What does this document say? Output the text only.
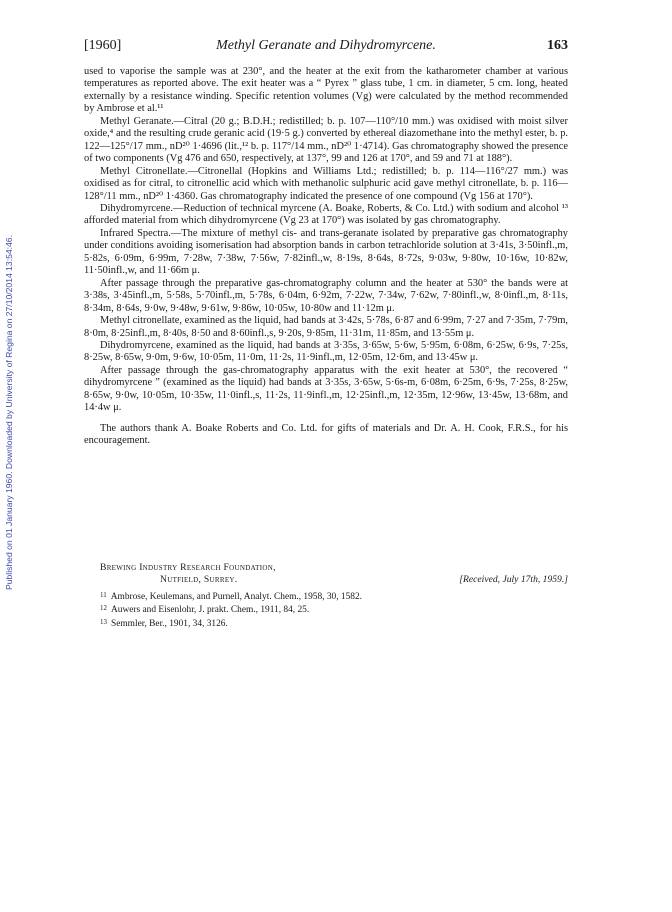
Published on 01 January 1960. Downloaded by University of Regina on 27/10/2014 13:54:46.
[1960]	Methyl Geranate and Dihydromyrcene.	163

used to vaporise the sample was at 230°, and the heater at the exit from the katharometer chamber at various temperatures as reported above. The exit heater was a “ Pyrex ” glass tube, 1 cm. in diameter, 5 cm. long, heated externally by a resistance winding. Specific retention volumes (Vg) were calculated by the method recommended by Ambrose et al.¹¹

Methyl Geranate.—Citral (20 g.; B.D.H.; redistilled; b. p. 107—110°/10 mm.) was oxidised with moist silver oxide,⁴ and the resulting crude geranic acid (19·5 g.) converted by ethereal diazomethane into the methyl ester, b. p. 122—125°/17 mm., nD²⁰ 1·4696 (lit.,¹² b. p. 117°/14 mm., nD²⁰ 1·4714). Gas chromatography showed the presence of two components (Vg 476 and 650, respectively, at 137°, 99 and 126 at 170°, and 59 and 71 at 188°).

Methyl Citronellate.—Citronellal (Hopkins and Williams Ltd.; redistilled; b. p. 114—116°/27 mm.) was oxidised as for citral, to citronellic acid which with methanolic sulphuric acid gave methyl citronellate, b. p. 116—128°/11 mm., nD²⁰ 1·4360. Gas chromatography indicated the presence of one compound (Vg 156 at 170°).

Dihydromyrcene.—Reduction of technical myrcene (A. Boake, Roberts, & Co. Ltd.) with sodium and alcohol ¹³ afforded material from which dihydromyrcene (Vg 23 at 170°) was isolated by gas chromatography.

Infrared Spectra.—The mixture of methyl cis- and trans-geranate isolated by preparative gas chromatography under conditions avoiding isomerisation had absorption bands in carbon tetrachloride solution at 3·41s, 3·50infl.,m, 5·82s, 6·09m, 6·99m, 7·28w, 7·38w, 7·56w, 7·82infl.,w, 8·19s, 8·64s, 8·72s, 9·03w, 9·80w, 10·16w, 10·82w, 11·50infl.,w, and 11·66m μ.

After passage through the preparative gas-chromatography column and the heater at 530° the bands were at 3·38s, 3·45infl.,m, 5·58s, 5·70infl.,m, 5·78s, 6·04m, 6·92m, 7·22w, 7·34w, 7·62w, 7·80infl.,w, 8·0infl.,m, 8·11s, 8·34m, 8·64s, 9·0w, 9·48w, 9·61w, 9·86w, 10·05w, 10·80w and 11·12m μ.

Methyl citronellate, examined as the liquid, had bands at 3·42s, 5·78s, 6·87 and 6·99m, 7·27 and 7·35m, 7·79m, 8·0m, 8·25infl.,m, 8·40s, 8·50 and 8·60infl.,s, 9·20s, 9·85m, 11·31m, 11·85m, and 13·55m μ.

Dihydromyrcene, examined as the liquid, had bands at 3·35s, 3·65w, 5·6w, 5·95m, 6·08m, 6·25w, 6·9s, 7·25s, 8·25w, 8·65w, 9·0m, 9·6w, 10·05m, 11·0m, 11·2s, 11·9infl.,m, 12·05m, 12·6m, and 13·45w μ.

After passage through the gas-chromatography apparatus with the exit heater at 530°, the recovered “ dihydromyrcene ” (examined as the liquid) had bands at 3·35s, 3·65w, 5·6s-m, 6·08m, 6·25m, 6·9s, 7·25s, 8·25w, 8·65w, 9·0w, 10·05m, 10·35w, 11·0infl.,s, 11·2s, 11·9infl.,m, 12·25infl.,m, 12·35m, 12·96w, 13·45w, 13·68m, and 14·4w μ.

The authors thank A. Boake Roberts and Co. Ltd. for gifts of materials and Dr. A. H. Cook, F.R.S., for his encouragement.

Brewing Industry Research Foundation,
Nutfield, Surrey.	[Received, July 17th, 1959.]
$^{11}$ Ambrose, Keulemans, and Purnell, Analyt. Chem., 1958, 30, 1582.
$^{12}$ Auwers and Eisenlohr, J. prakt. Chem., 1911, 84, 25.
$^{13}$ Semmler, Ber., 1901, 34, 3126.
